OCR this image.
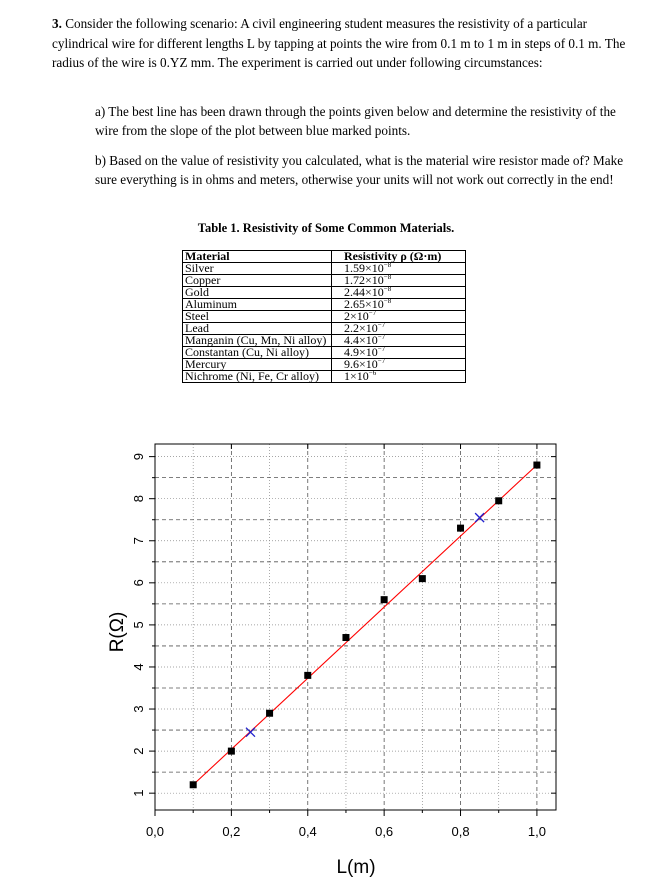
3. Consider the following scenario: A civil engineering student measures the resistivity of a particular cylindrical wire for different lengths L by tapping at points the wire from 0.1 m to 1 m in steps of 0.1 m. The radius of the wire is 0.YZ mm. The experiment is carried out under following circumstances:
a) The best line has been drawn through the points given below and determine the resistivity of the wire from the slope of the plot between blue marked points.
b) Based on the value of resistivity you calculated, what is the material wire resistor made of? Make sure everything is in ohms and meters, otherwise your units will not work out correctly in the end!
Table 1. Resistivity of Some Common Materials.
Material	Resistivity ρ (Ω·m)
Silver	$1.59\times 10^{-8}$
Copper	$1.72\times 10^{-8}$
Gold	$2.44\times 10^{-8}$
Aluminum	$2.65\times 10^{-8}$
Steel	$2\times 10^{-7}$
Lead	$2.2\times 10^{-7}$
Manganin (Cu, Mn, Ni alloy)	$4.4\times 10^{-7}$
Constantan (Cu, Ni alloy)	$4.9\times 10^{-7}$
Mercury	$9.6\times 10^{-7}$
Nichrome (Ni, Fe, Cr alloy)	$1\times 10^{-6}$
0,0	0,2	0,4	0,6	0,8	1,0
1
2
3
4
5
6
7
8
9
L(m)
R(Ω)
